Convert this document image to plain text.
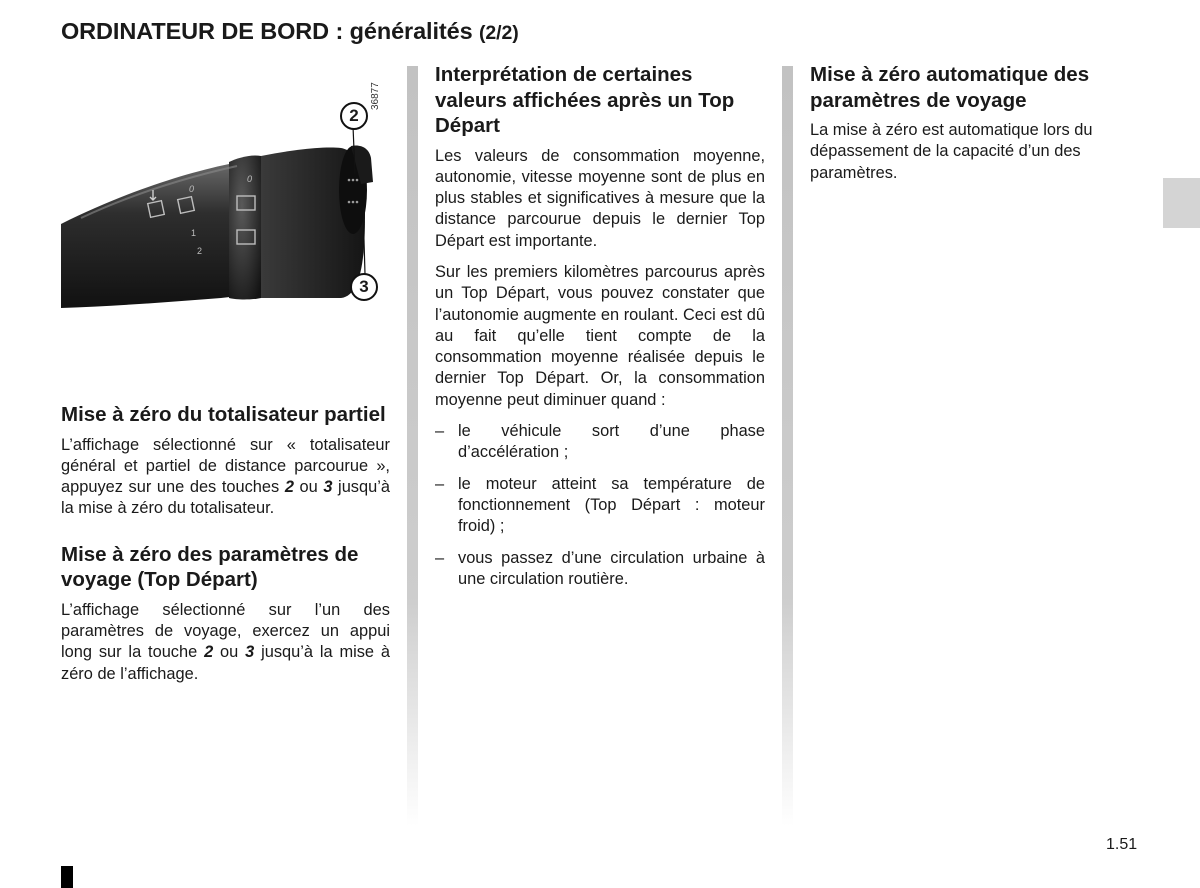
ORDINATEUR DE BORD : généralités (2/2)
0
0
1
2
36877
2
3
Mise à zéro du totalisateur partiel

L’affichage sélectionné sur « totalisateur général et partiel de distance parcourue », appuyez sur une des touches 2 ou 3 jusqu’à la mise à zéro du totalisateur.

Mise à zéro des paramètres de voyage (Top Départ)

L’affichage sélectionné sur l’un des paramètres de voyage, exercez un appui long sur la touche 2 ou 3 jusqu’à la mise à zéro de l’affichage.

Interprétation de certaines valeurs affichées après un Top Départ

Les valeurs de consommation moyenne, autonomie, vitesse moyenne sont de plus en plus stables et significatives à mesure que la distance parcourue depuis le dernier Top Départ est importante.

Sur les premiers kilomètres parcourus après un Top Départ, vous pouvez constater que l’autonomie augmente en roulant. Ceci est dû au fait qu’elle tient compte de la consommation moyenne réalisée depuis le dernier Top Départ. Or, la consommation moyenne peut diminuer quand :

– le véhicule sort d’une phase d’accélération ;
– le moteur atteint sa température de fonctionnement (Top Départ : moteur froid) ;
– vous passez d’une circulation urbaine à une circulation routière.
Mise à zéro automatique des paramètres de voyage

La mise à zéro est automatique lors du dépassement de la capacité d’un des paramètres.

1.51
